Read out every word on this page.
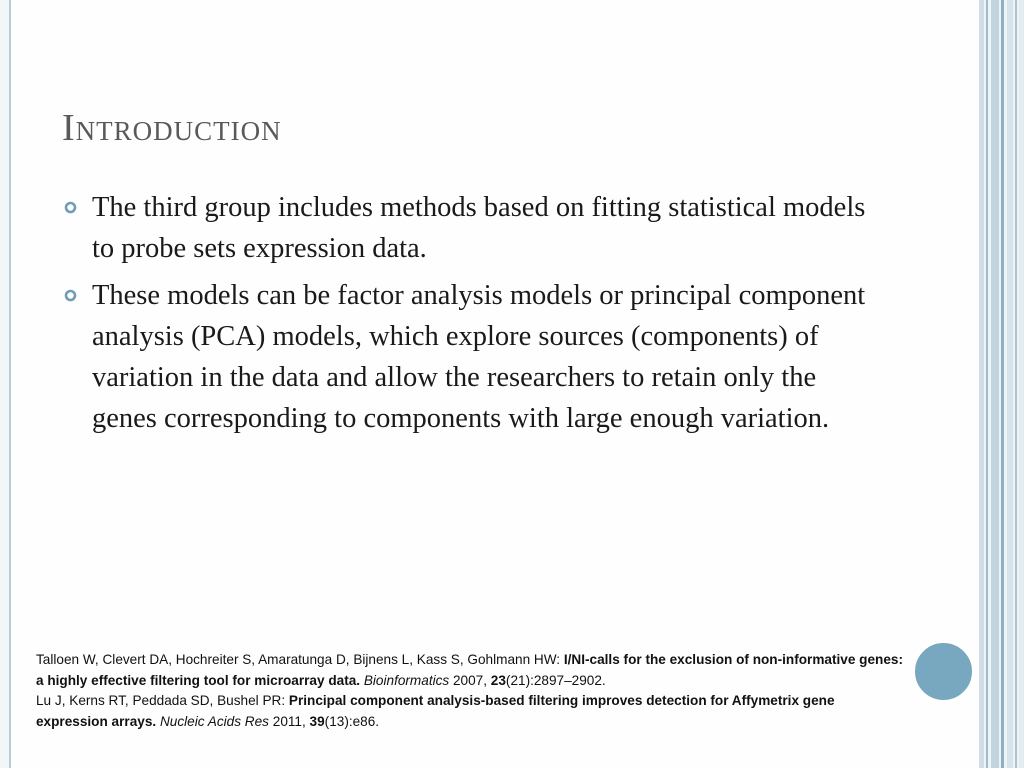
Introduction
The third group includes methods based on fitting statistical models to probe sets expression data.
These models can be factor analysis models or principal component analysis (PCA) models, which explore sources (components) of variation in the data and allow the researchers to retain only the genes corresponding to components with large enough variation.
Talloen W, Clevert DA, Hochreiter S, Amaratunga D, Bijnens L, Kass S, Gohlmann HW: I/NI-calls for the exclusion of non-informative genes: a highly effective filtering tool for microarray data. Bioinformatics 2007, 23(21):2897–2902.
Lu J, Kerns RT, Peddada SD, Bushel PR: Principal component analysis-based filtering improves detection for Affymetrix gene expression arrays. Nucleic Acids Res 2011, 39(13):e86.
